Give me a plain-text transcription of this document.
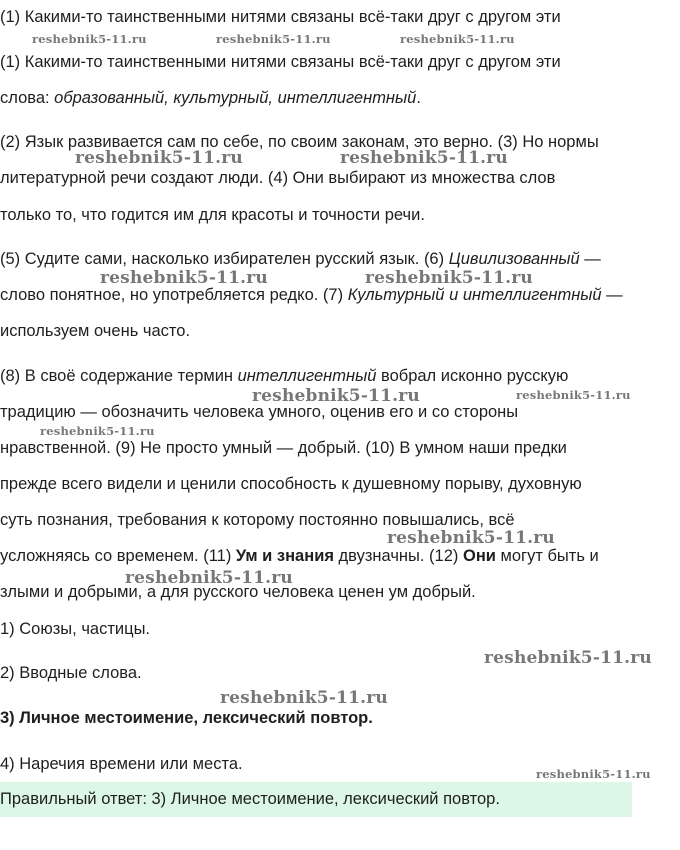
(1) Какими-то таинственными нитями связаны всё-таки друг с другом эти
(1) Какими-то таинственными нитями связаны всё-таки друг с другом эти
слова: образованный, культурный, интеллигентный.
(2) Язык развивается сам по себе, по своим законам, это верно. (3) Но нормы
литературной речи создают люди. (4) Они выбирают из множества слов
только то, что годится им для красоты и точности речи.
(5) Судите сами, насколько избирателен русский язык. (6) Цивилизованный —
слово понятное, но употребляется редко. (7) Культурный и интеллигентный —
используем очень часто.
(8) В своё содержание термин интеллигентный вобрал исконно русскую
традицию — обозначить человека умного, оценив его и со стороны
нравственной. (9) Не просто умный — добрый. (10) В умном наши предки
прежде всего видели и ценили способность к душевному порыву, духовную
суть познания, требования к которому постоянно повышались, всё
усложняясь со временем. (11) Ум и знания двузначны. (12) Они могут быть и
злыми и добрыми, а для русского человека ценен ум добрый.
1) Союзы, частицы.
2) Вводные слова.
3) Личное местоимение, лексический повтор.
4) Наречия времени или места.
Правильный ответ: 3) Личное местоимение, лексический повтор.
reshebnik5-11.ru	reshebnik5-11.ru	reshebnik5-11.ru
reshebnik5-11.ru	reshebnik5-11.ru
reshebnik5-11.ru	reshebnik5-11.ru
reshebnik5-11.ru	reshebnik5-11.ru
reshebnik5-11.ru
reshebnik5-11.ru
reshebnik5-11.ru
reshebnik5-11.ru
reshebnik5-11.ru
reshebnik5-11.ru
